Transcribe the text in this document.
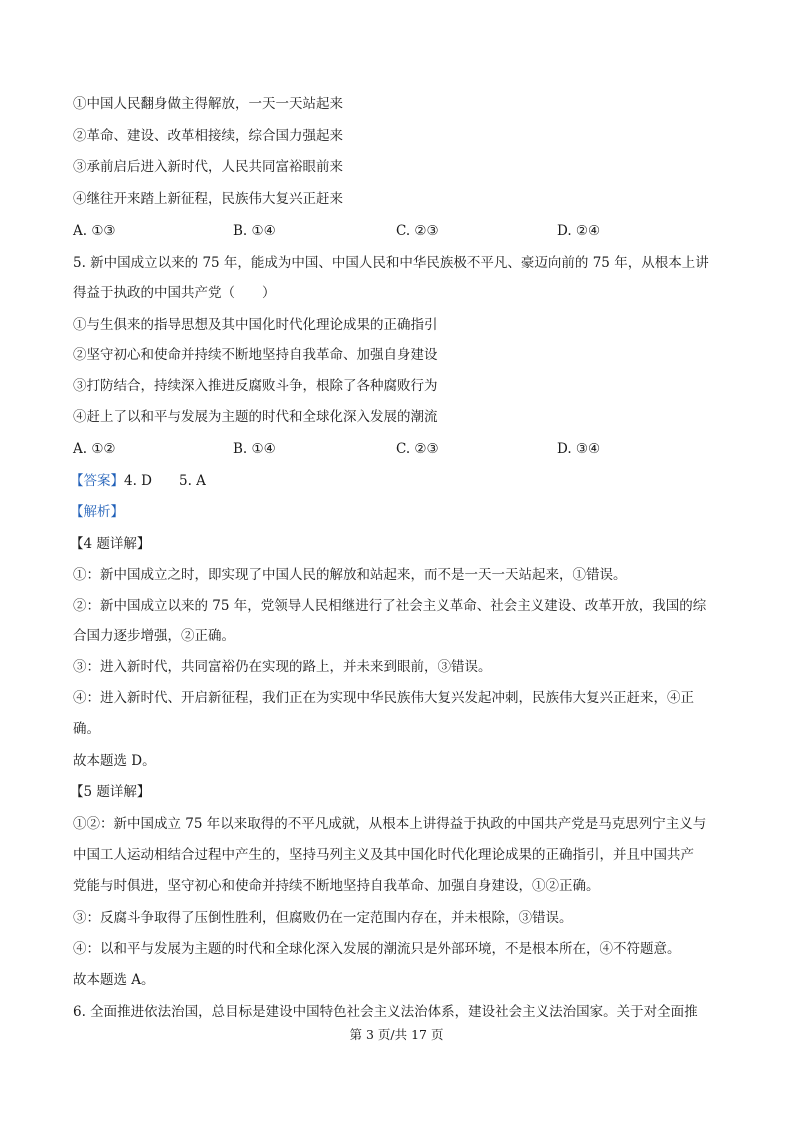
①中国人民翻身做主得解放，一天一天站起来
②革命、建设、改革相接续，综合国力强起来
③承前启后进入新时代，人民共同富裕眼前来
④继往开来踏上新征程，民族伟大复兴正赶来
A. ①③	B. ①④	C. ②③	D. ②④
5. 新中国成立以来的 75 年，能成为中国、中国人民和中华民族极不平凡、豪迈向前的 75 年，从根本上讲
得益于执政的中国共产党（　　）
①与生俱来的指导思想及其中国化时代化理论成果的正确指引
②坚守初心和使命并持续不断地坚持自我革命、加强自身建设
③打防结合，持续深入推进反腐败斗争，根除了各种腐败行为
④赶上了以和平与发展为主题的时代和全球化深入发展的潮流
A. ①②	B. ①④	C. ②③	D. ③④
【答案】4. D　　5. A
【解析】
【4 题详解】
①：新中国成立之时，即实现了中国人民的解放和站起来，而不是一天一天站起来，①错误。
②：新中国成立以来的 75 年，党领导人民相继进行了社会主义革命、社会主义建设、改革开放，我国的综
合国力逐步增强，②正确。
③：进入新时代，共同富裕仍在实现的路上，并未来到眼前，③错误。
④：进入新时代、开启新征程，我们正在为实现中华民族伟大复兴发起冲刺，民族伟大复兴正赶来，④正
确。
故本题选 D。
【5 题详解】
①②：新中国成立 75 年以来取得的不平凡成就，从根本上讲得益于执政的中国共产党是马克思列宁主义与
中国工人运动相结合过程中产生的，坚持马列主义及其中国化时代化理论成果的正确指引，并且中国共产
党能与时俱进，坚守初心和使命并持续不断地坚持自我革命、加强自身建设，①②正确。
③：反腐斗争取得了压倒性胜利，但腐败仍在一定范围内存在，并未根除，③错误。
④：以和平与发展为主题的时代和全球化深入发展的潮流只是外部环境，不是根本所在，④不符题意。
故本题选 A。
6. 全面推进依法治国，总目标是建设中国特色社会主义法治体系，建设社会主义法治国家。关于对全面推
第 3 页/共 17 页
